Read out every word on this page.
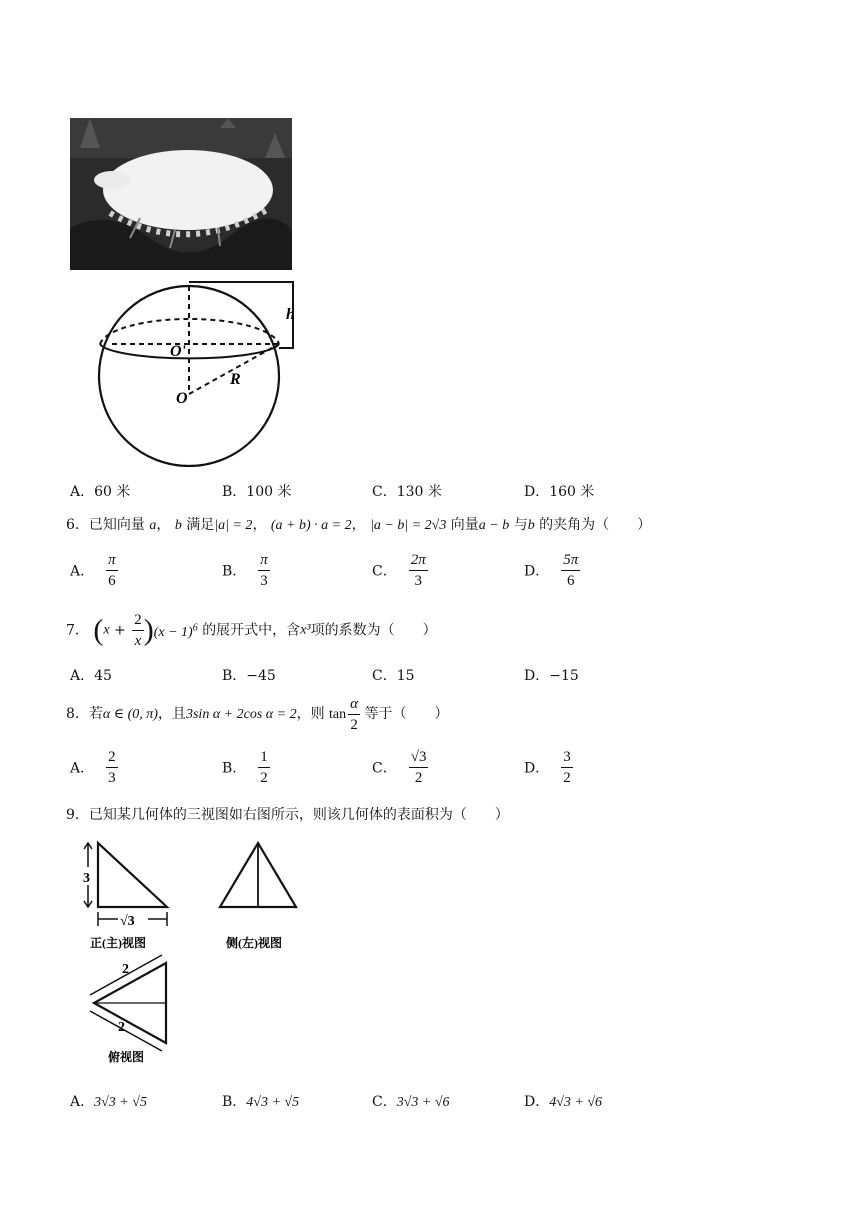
h
O'
O
R
A．60 米	B．100 米	C．130 米	D．160 米
6．已知向量 a， b 满足|a| = 2， (a + b) · a = 2， |a − b| = 2√3 向量a − b 与b 的夹角为（　　）
A． $\frac{\pi}{6}$	B． $\frac{\pi}{3}$	C． $\frac{2\pi}{3}$	D． $\frac{5\pi}{6}$
7． $(x + \frac{2}{x} )(x - 1)^6$ 的展开式中，含x³项的系数为（　　）
A．45	B．−45	C．15	D．−15
8．若α ∈ (0, π)，且3sin α + 2cos α = 2，则 $\tan \frac{\alpha}{2}$ 等于（　　）
A． $\frac{2}{3}$	B． $\frac{1}{2}$	C． $\frac{√3}{2}$	D． $\frac{3}{2}$
9．已知某几何体的三视图如右图所示，则该几何体的表面积为（　　）
3
√3
正(主)视图	侧(左)视图
2
2
俯视图
A．3√3 + √5	B．4√3 + √5	C．3√3 + √6	D．4√3 + √6
